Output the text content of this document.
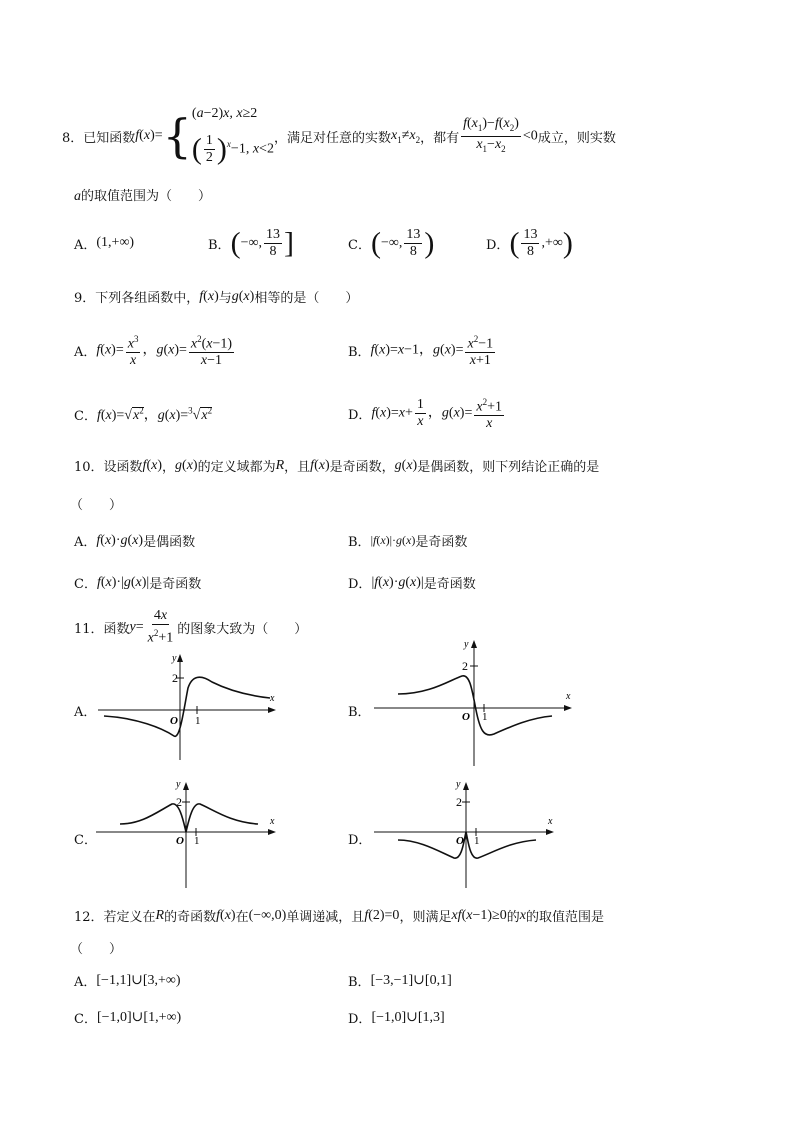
8．已知函数 f(x)= { (a−2)x, x≥2
( $\frac{1}{2} )^x-1$, x<2
，满足对任意的实数 $x_1\ne x_2$ ，都有 $\frac{f(x_1)-f(x_2)}{x_1-x_2} <0$ 成立，则实数
a的取值范围为（　　）
A． (1,+∞)	B． (−∞, $\frac{13}{8}$ ]	C． (−∞, $\frac{13}{8}$ )	D． ( $\frac{13}{8}$ ,+∞)
9．下列各组函数中， f(x) 与 g(x) 相等的是（　　）
A． $f(x)= \frac{x^3}{x}$ ，$g(x)= \frac{x^2(x-1)}{x-1}$	B． f(x)=x−1，$g(x)= \frac{x^2-1}{x+1}$
C． $f(x)=√x^2$，$g(x)=^3√x^2$	D． $f(x)=x+ \frac{1}{x}$ ，$g(x)= \frac{x^2+1}{x}$
10．设函数 f(x) ， g(x) 的定义域都为 R ，且 f(x) 是奇函数， g(x) 是偶函数，则下列结论正确的是
（　　）
A． f(x)·g(x) 是偶函数	B． |f(x)|·g(x) 是奇函数
C． f(x)·|g(x)| 是奇函数	D． |f(x)·g(x)| 是奇函数
11．函数 $y= \frac{4x}{x^2+1}$ 的图象大致为（　　）
A．
y
x
2
O 1
B．
y
x
2
O 1
C．
y
x
2
O 1	D．
y
x
2
O 1
12．若定义在 R 的奇函数 f(x) 在 (−∞,0) 单调递减，且 f(2)=0 ，则满足 xf(x−1)≥0 的 x 的取值范围是
（　　）
A． [−1,1]∪[3,+∞)	B． [−3,−1]∪[0,1]
C． [−1,0]∪[1,+∞)	D． [−1,0]∪[1,3]
